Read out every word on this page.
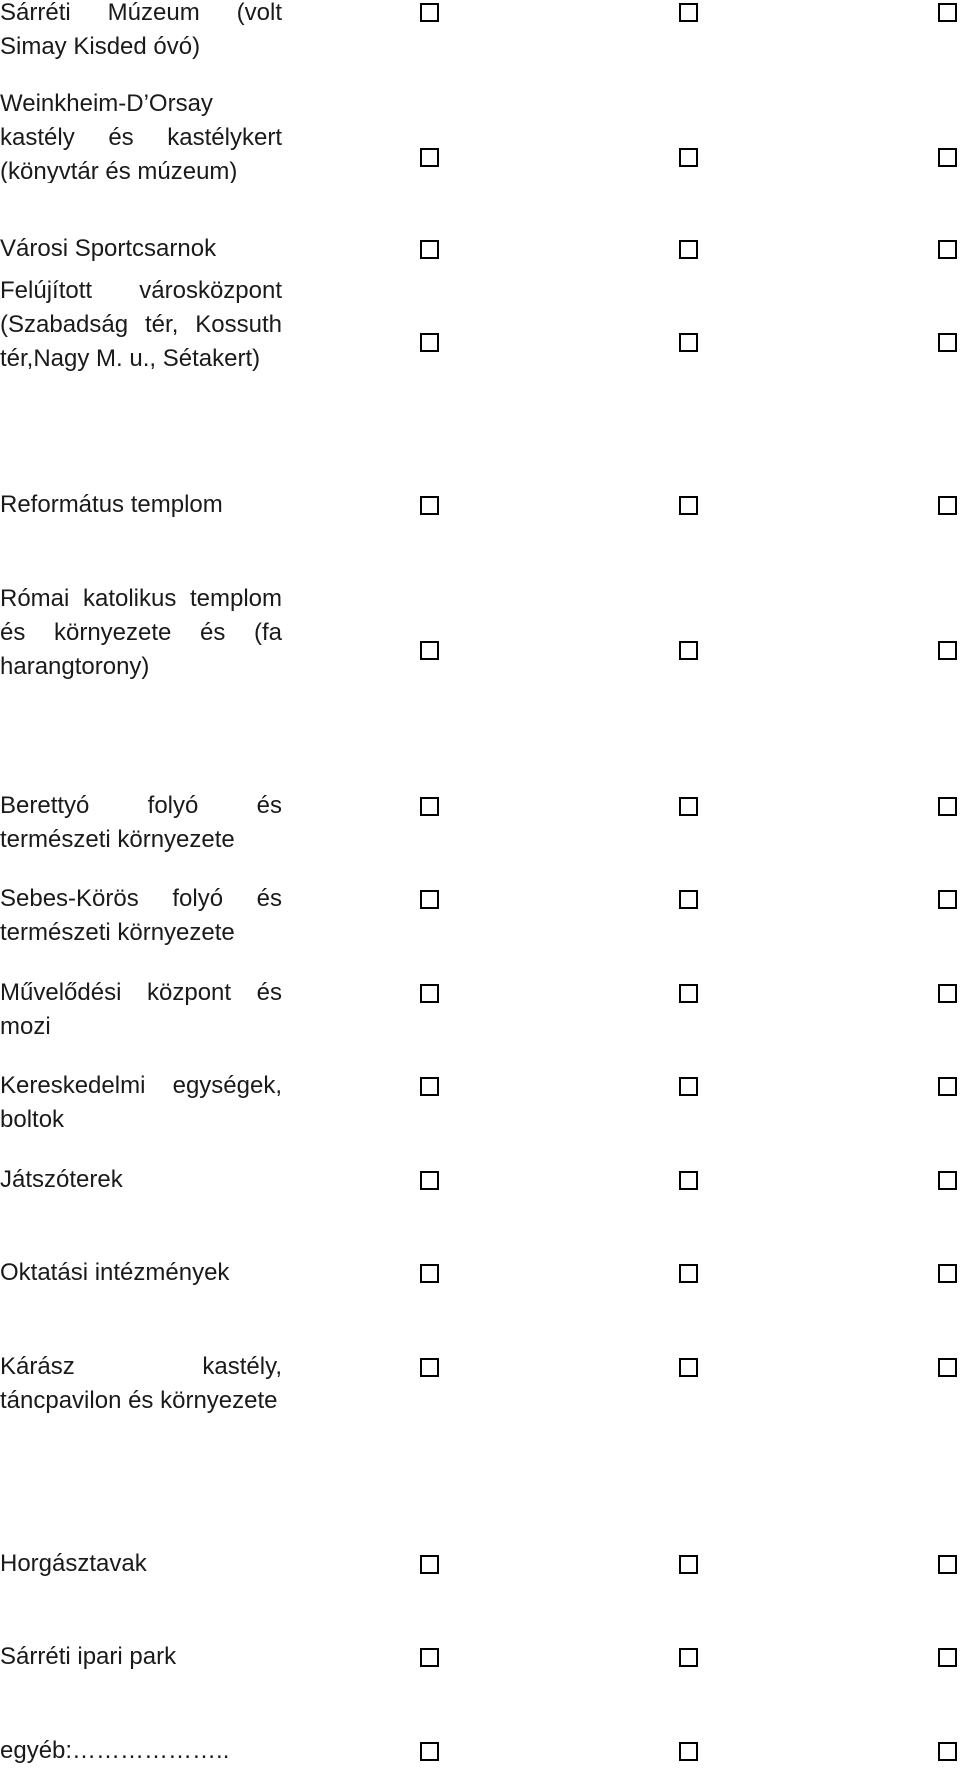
Sárréti Múzeum (volt Simay Kisded óvó)
Weinkheim-D’Orsay kastély és kastélykert (könyvtár és múzeum)
Városi Sportcsarnok
Felújított városközpont (Szabadság tér, Kossuth tér,Nagy M. u., Sétakert)
Református templom
Római katolikus templom és környezete és (fa harangtorony)
Berettyó folyó és természeti környezete
Sebes-Körös folyó és természeti környezete
Művelődési központ és mozi
Kereskedelmi egységek, boltok
Játszóterek
Oktatási intézmények
Kárász kastély, táncpavilon és környezete
Horgásztavak
Sárréti ipari park
egyéb:………………..
